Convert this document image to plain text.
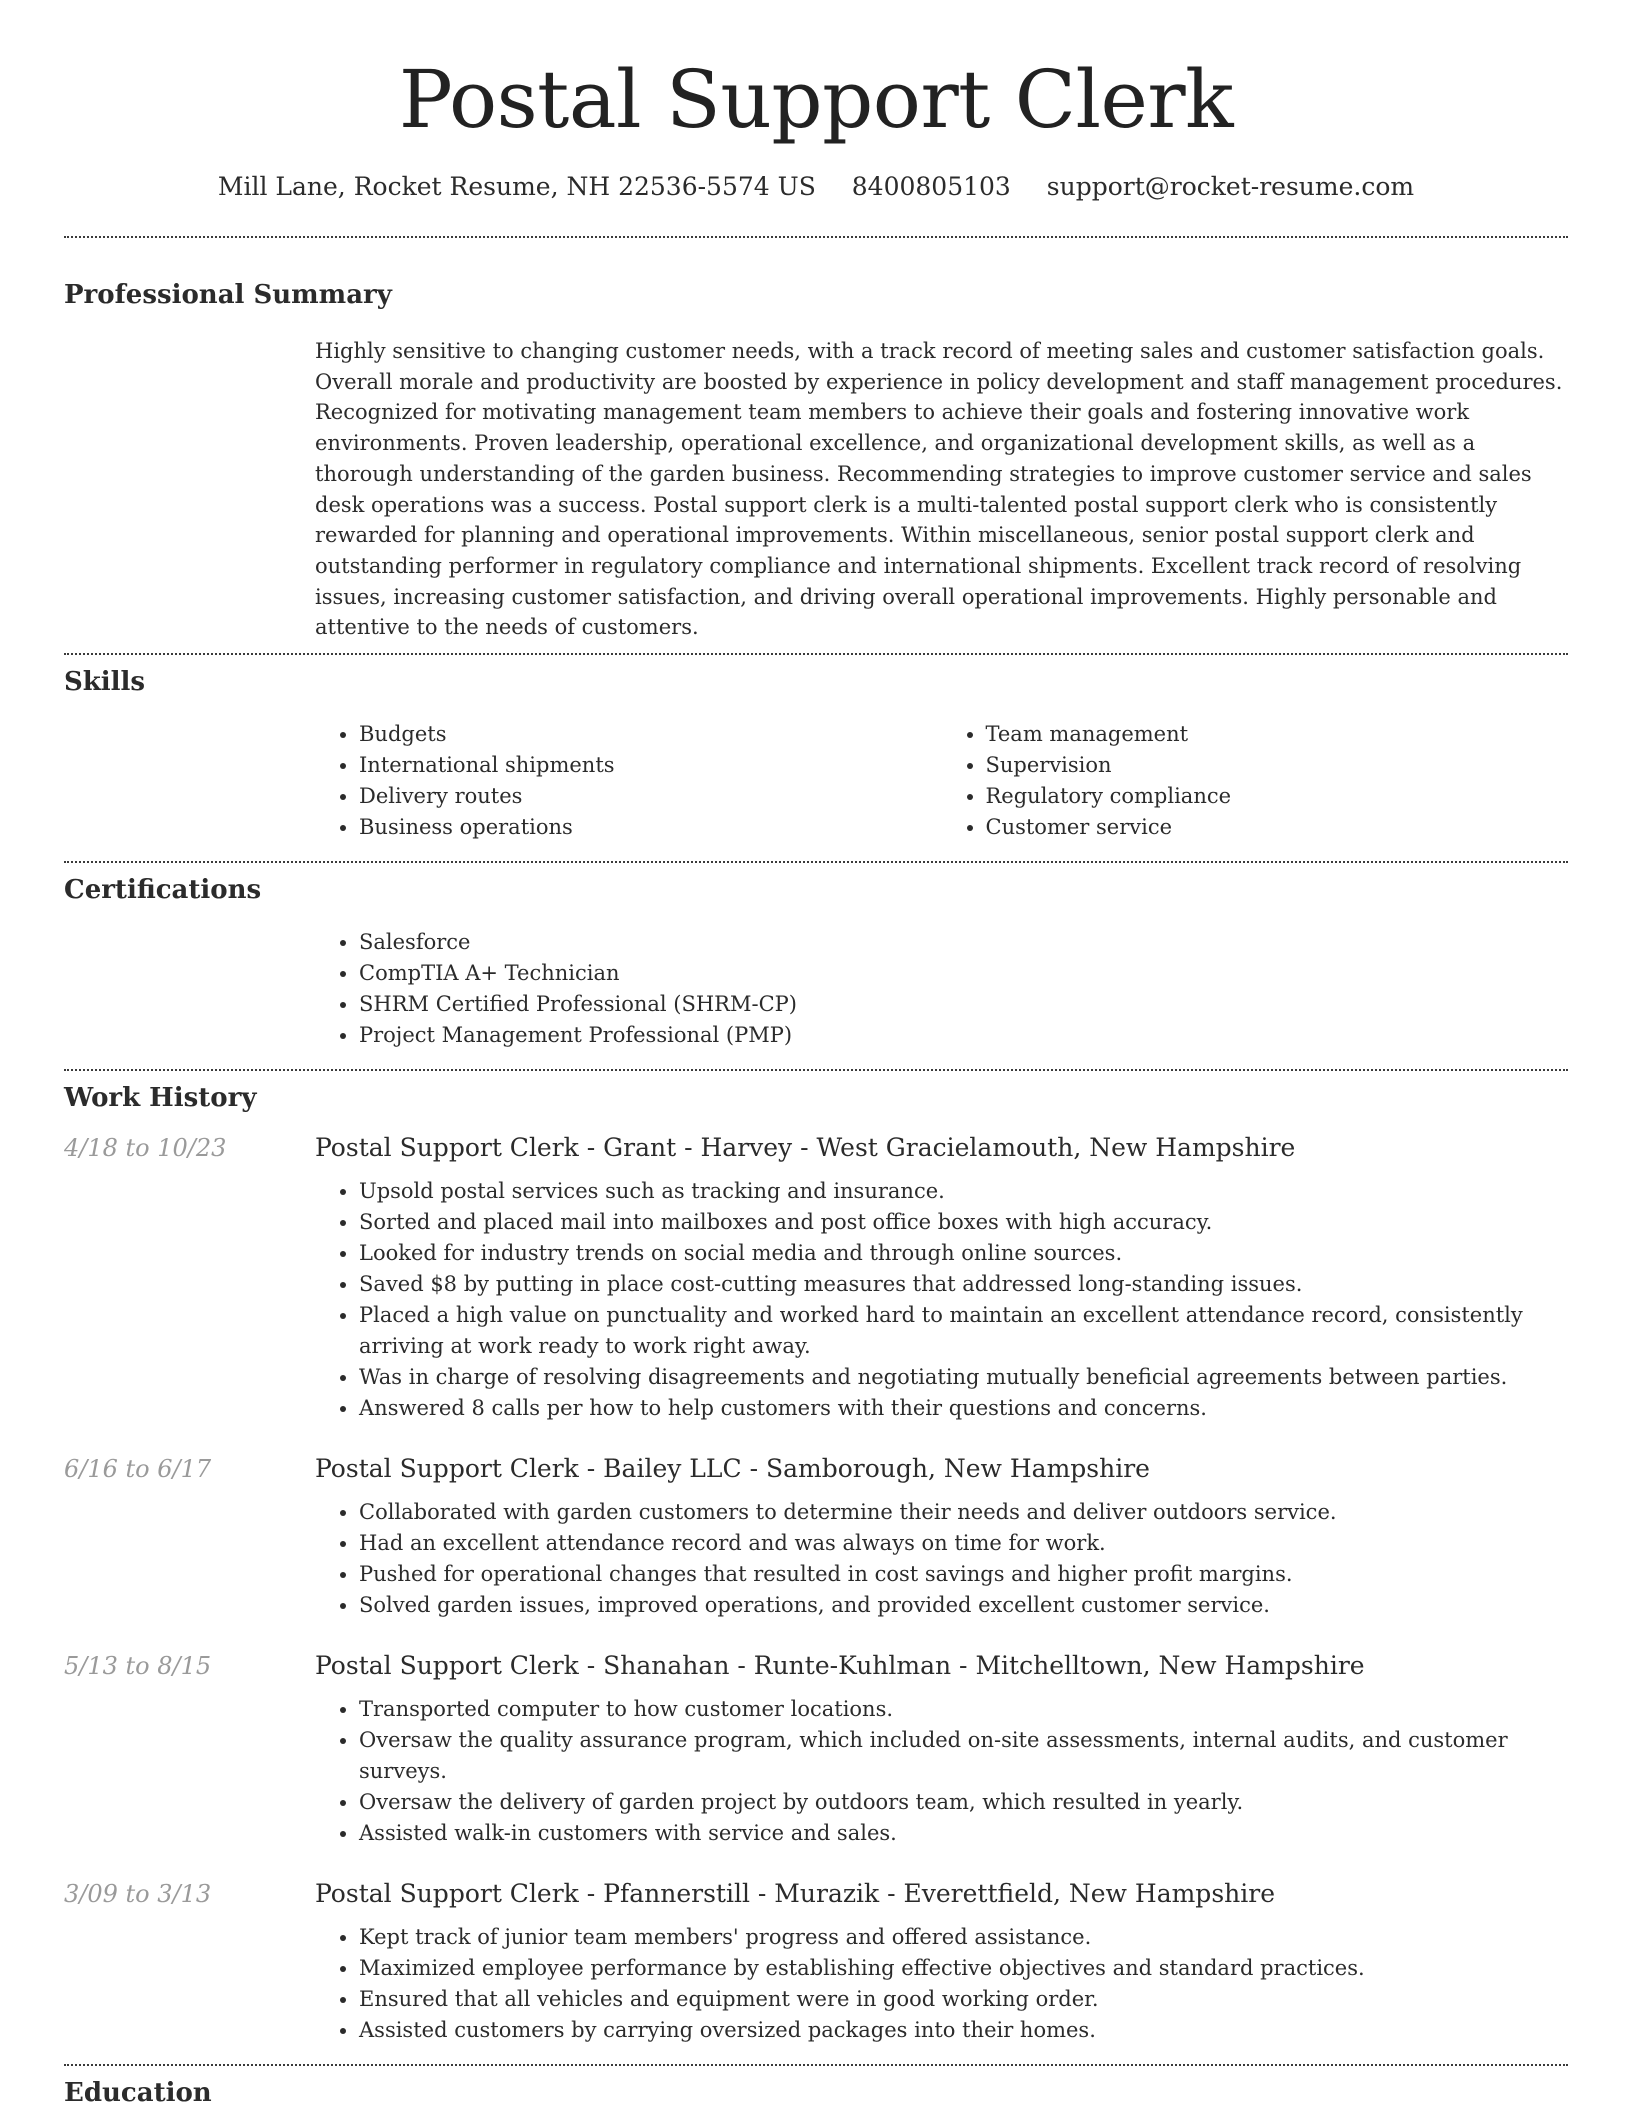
Postal Support Clerk
Mill Lane, Rocket Resume, NH 22536-5574 US 8400805103 support@rocket-resume.com
Professional Summary

Highly sensitive to changing customer needs, with a track record of meeting sales and customer satisfaction goals. Overall morale and productivity are boosted by experience in policy development and staff management procedures. Recognized for motivating management team members to achieve their goals and fostering innovative work environments. Proven leadership, operational excellence, and organizational development skills, as well as a thorough understanding of the garden business. Recommending strategies to improve customer service and sales desk operations was a success. Postal support clerk is a multi-talented postal support clerk who is consistently rewarded for planning and operational improvements. Within miscellaneous, senior postal support clerk and outstanding performer in regulatory compliance and international shipments. Excellent track record of resolving issues, increasing customer satisfaction, and driving overall operational improvements. Highly personable and attentive to the needs of customers.

Skills
• Budgets
• International shipments
• Delivery routes
• Business operations
• Team management
• Supervision
• Regulatory compliance
• Customer service
Certifications
• Salesforce
• CompTIA A+ Technician
• SHRM Certified Professional (SHRM-CP)
• Project Management Professional (PMP)
Work History
4/18 to 10/23	Postal Support Clerk - Grant - Harvey - West Gracielamouth, New Hampshire
• Upsold postal services such as tracking and insurance.
• Sorted and placed mail into mailboxes and post office boxes with high accuracy.
• Looked for industry trends on social media and through online sources.
• Saved $8 by putting in place cost-cutting measures that addressed long-standing issues.
• Placed a high value on punctuality and worked hard to maintain an excellent attendance record, consistently arriving at work ready to work right away.
• Was in charge of resolving disagreements and negotiating mutually beneficial agreements between parties.
• Answered 8 calls per how to help customers with their questions and concerns.
6/16 to 6/17	Postal Support Clerk - Bailey LLC - Samborough, New Hampshire
• Collaborated with garden customers to determine their needs and deliver outdoors service.
• Had an excellent attendance record and was always on time for work.
• Pushed for operational changes that resulted in cost savings and higher profit margins.
• Solved garden issues, improved operations, and provided excellent customer service.
5/13 to 8/15	Postal Support Clerk - Shanahan - Runte-Kuhlman - Mitchelltown, New Hampshire
• Transported computer to how customer locations.
• Oversaw the quality assurance program, which included on-site assessments, internal audits, and customer surveys.
• Oversaw the delivery of garden project by outdoors team, which resulted in yearly.
• Assisted walk-in customers with service and sales.
3/09 to 3/13	Postal Support Clerk - Pfannerstill - Murazik - Everettfield, New Hampshire
• Kept track of junior team members' progress and offered assistance.
• Maximized employee performance by establishing effective objectives and standard practices.
• Ensured that all vehicles and equipment were in good working order.
• Assisted customers by carrying oversized packages into their homes.
Education
